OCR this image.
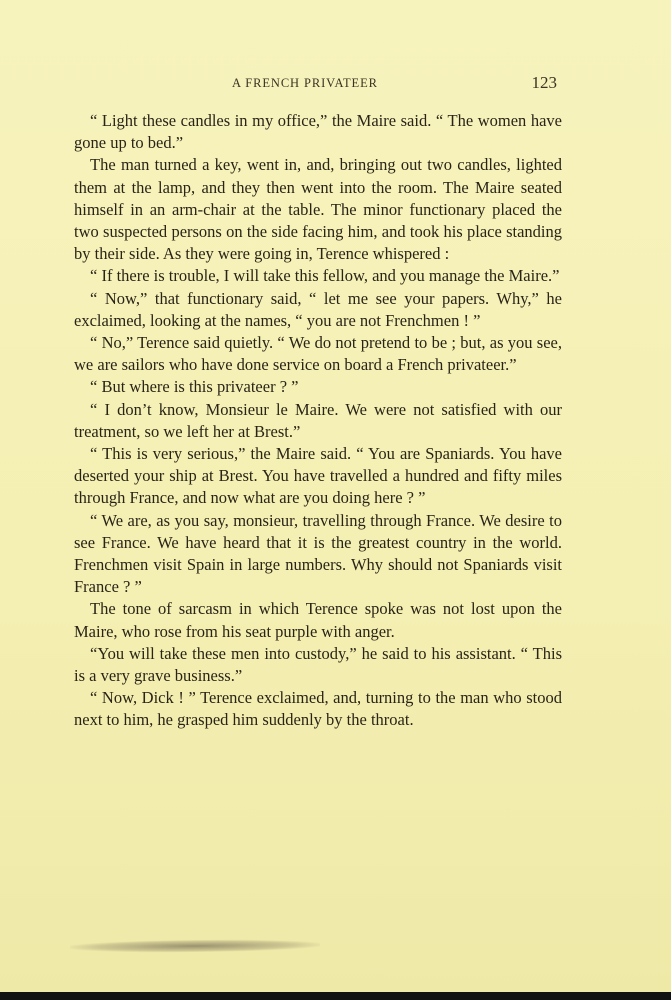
A FRENCH PRIVATEER	123

“ Light these candles in my office,” the Maire said. “ The women have gone up to bed.”

The man turned a key, went in, and, bringing out two candles, lighted them at the lamp, and they then went into the room. The Maire seated himself in an arm-chair at the table. The minor functionary placed the two suspected persons on the side facing him, and took his place standing by their side. As they were going in, Terence whispered :

“ If there is trouble, I will take this fellow, and you manage the Maire.”

“ Now,” that functionary said, “ let me see your papers. Why,” he exclaimed, looking at the names, “ you are not Frenchmen ! ”

“ No,” Terence said quietly. “ We do not pretend to be ; but, as you see, we are sailors who have done service on board a French privateer.”

“ But where is this privateer ? ”

“ I don’t know, Monsieur le Maire. We were not satisfied with our treatment, so we left her at Brest.”

“ This is very serious,” the Maire said. “ You are Spaniards. You have deserted your ship at Brest. You have travelled a hundred and fifty miles through France, and now what are you doing here ? ”

“ We are, as you say, monsieur, travelling through France. We desire to see France. We have heard that it is the greatest country in the world. Frenchmen visit Spain in large numbers. Why should not Spaniards visit France ? ”

The tone of sarcasm in which Terence spoke was not lost upon the Maire, who rose from his seat purple with anger.

“You will take these men into custody,” he said to his assistant. “ This is a very grave business.”

“ Now, Dick ! ” Terence exclaimed, and, turning to the man who stood next to him, he grasped him suddenly by the throat.
